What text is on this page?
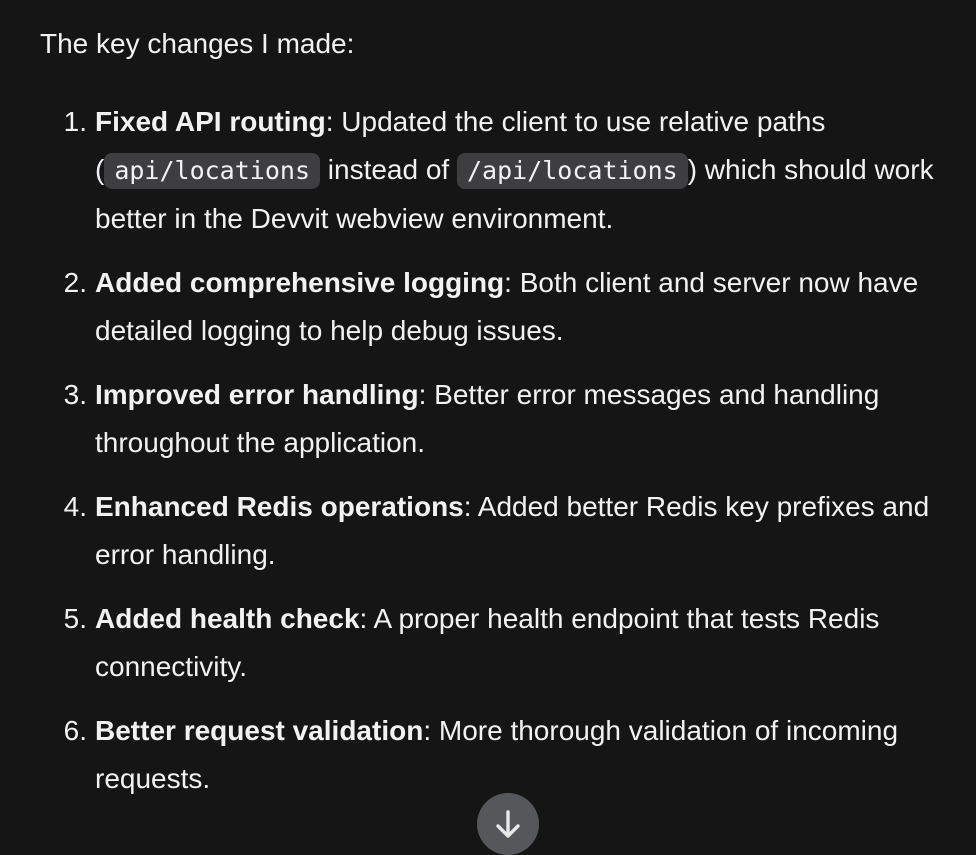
The key changes I made:

1. Fixed API routing: Updated the client to use relative paths ( api/locations instead of /api/locations ) which should work better in the Devvit webview environment.
2. Added comprehensive logging: Both client and server now have detailed logging to help debug issues.
3. Improved error handling: Better error messages and handling throughout the application.
4. Enhanced Redis operations: Added better Redis key prefixes and error handling.
5. Added health check: A proper health endpoint that tests Redis connectivity.
6. Better request validation: More thorough validation of incoming requests.
